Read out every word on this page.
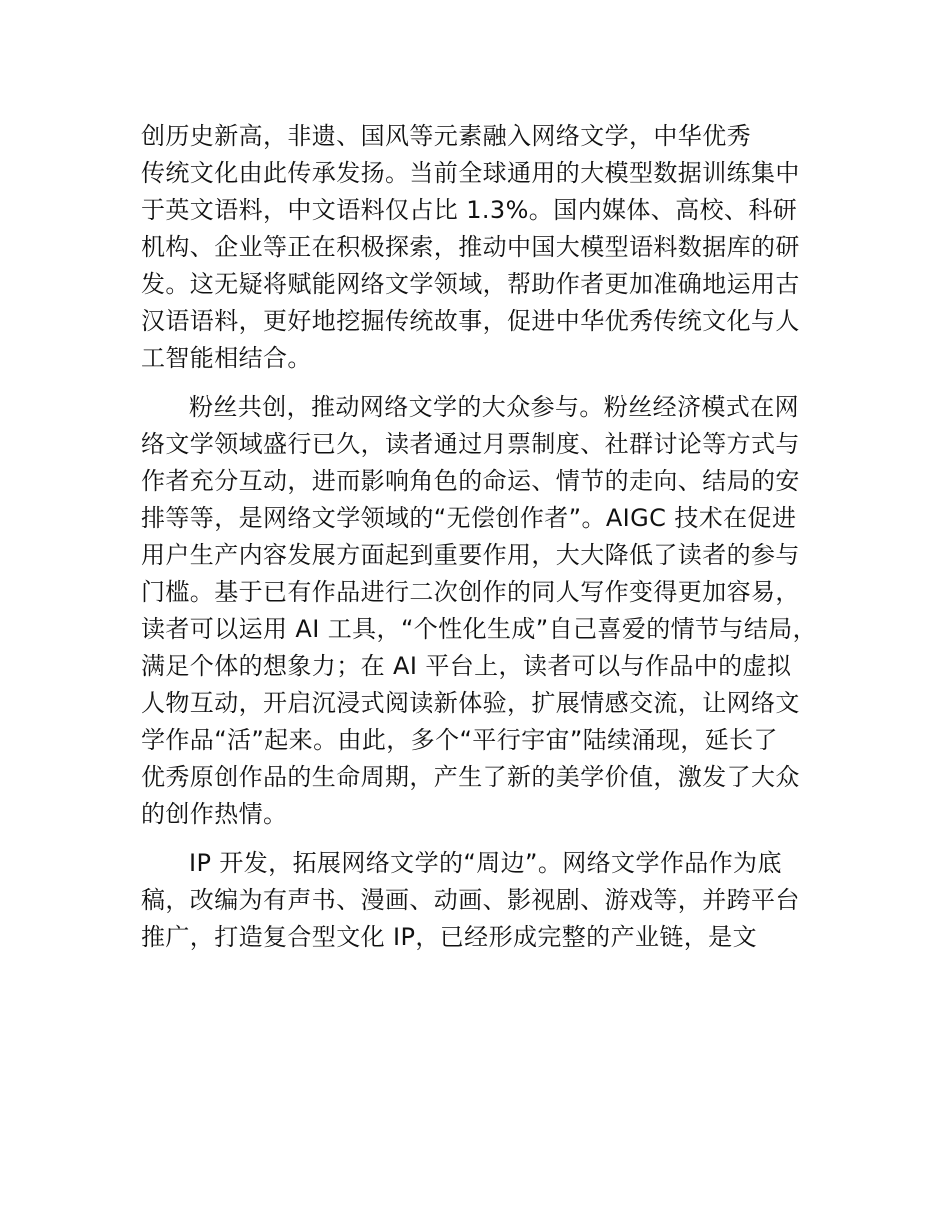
创历史新高，非遗、国风等元素融入网络文学，中华优秀
传统文化由此传承发扬。当前全球通用的大模型数据训练集中
于英文语料，中文语料仅占比 1.3%。国内媒体、高校、科研
机构、企业等正在积极探索，推动中国大模型语料数据库的研
发。这无疑将赋能网络文学领域，帮助作者更加准确地运用古
汉语语料，更好地挖掘传统故事，促进中华优秀传统文化与人
工智能相结合。

粉丝共创，推动网络文学的大众参与。粉丝经济模式在网
络文学领域盛行已久，读者通过月票制度、社群讨论等方式与
作者充分互动，进而影响角色的命运、情节的走向、结局的安
排等等，是网络文学领域的“无偿创作者”。AIGC 技术在促进
用户生产内容发展方面起到重要作用，大大降低了读者的参与
门槛。基于已有作品进行二次创作的同人写作变得更加容易，
读者可以运用 AI 工具，“个性化生成”自己喜爱的情节与结局，
满足个体的想象力；在 AI 平台上，读者可以与作品中的虚拟
人物互动，开启沉浸式阅读新体验，扩展情感交流，让网络文
学作品“活”起来。由此，多个“平行宇宙”陆续涌现，延长了
优秀原创作品的生命周期，产生了新的美学价值，激发了大众
的创作热情。

IP 开发，拓展网络文学的“周边”。网络文学作品作为底
稿，改编为有声书、漫画、动画、影视剧、游戏等，并跨平台
推广，打造复合型文化 IP，已经形成完整的产业链，是文
